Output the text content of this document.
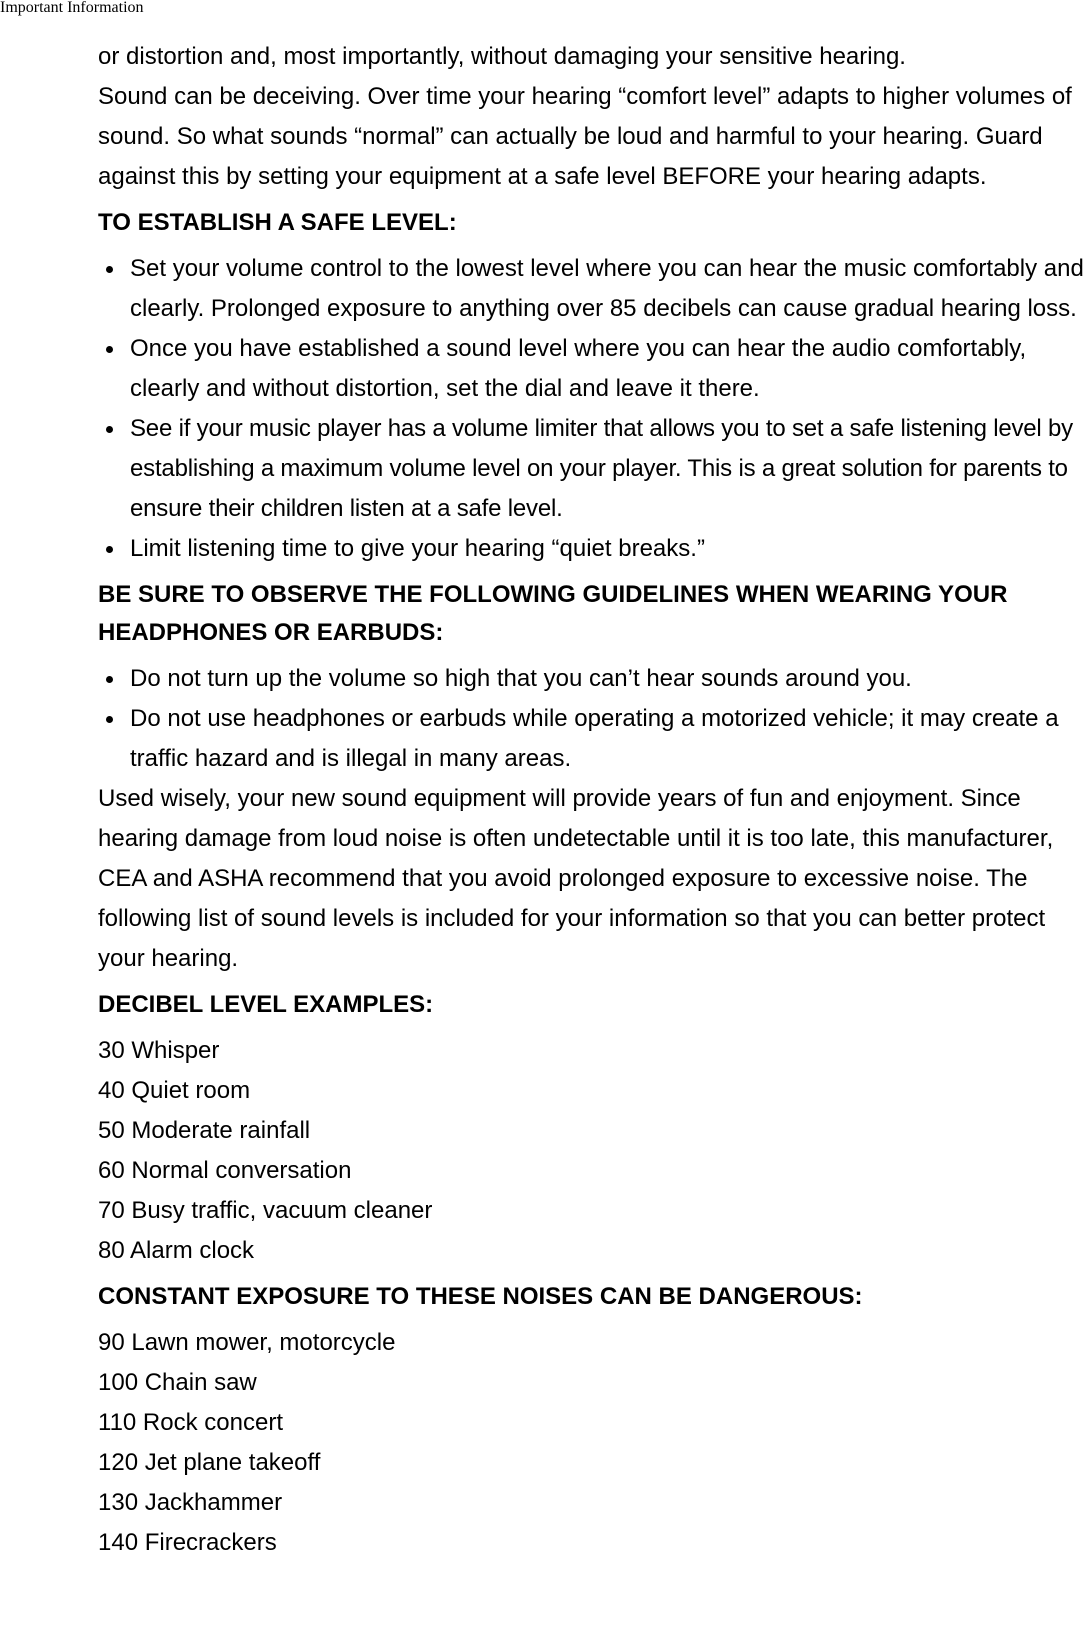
Important Information

or distortion and, most importantly, without damaging your sensitive hearing.

Sound can be deceiving. Over time your hearing “comfort level” adapts to higher volumes of sound. So what sounds “normal” can actually be loud and harmful to your hearing. Guard against this by setting your equipment at a safe level BEFORE your hearing adapts.

TO ESTABLISH A SAFE LEVEL:
Set your volume control to the lowest level where you can hear the music comfortably and clearly. Prolonged exposure to anything over 85 decibels can cause gradual hearing loss.
Once you have established a sound level where you can hear the audio comfortably, clearly and without distortion, set the dial and leave it there.
See if your music player has a volume limiter that allows you to set a safe listening level by establishing a maximum volume level on your player. This is a great solution for parents to ensure their children listen at a safe level.
Limit listening time to give your hearing “quiet breaks.”
BE SURE TO OBSERVE THE FOLLOWING GUIDELINES WHEN WEARING YOUR HEADPHONES OR EARBUDS:
Do not turn up the volume so high that you can’t hear sounds around you.
Do not use headphones or earbuds while operating a motorized vehicle; it may create a traffic hazard and is illegal in many areas.

Used wisely, your new sound equipment will provide years of fun and enjoyment. Since hearing damage from loud noise is often undetectable until it is too late, this manufacturer, CEA and ASHA recommend that you avoid prolonged exposure to excessive noise. The following list of sound levels is included for your information so that you can better protect your hearing.

DECIBEL LEVEL EXAMPLES:

30 Whisper

40 Quiet room

50 Moderate rainfall

60 Normal conversation

70 Busy traffic, vacuum cleaner

80 Alarm clock

CONSTANT EXPOSURE TO THESE NOISES CAN BE DANGEROUS:

90 Lawn mower, motorcycle

100 Chain saw

110 Rock concert

120 Jet plane takeoff

130 Jackhammer

140 Firecrackers
